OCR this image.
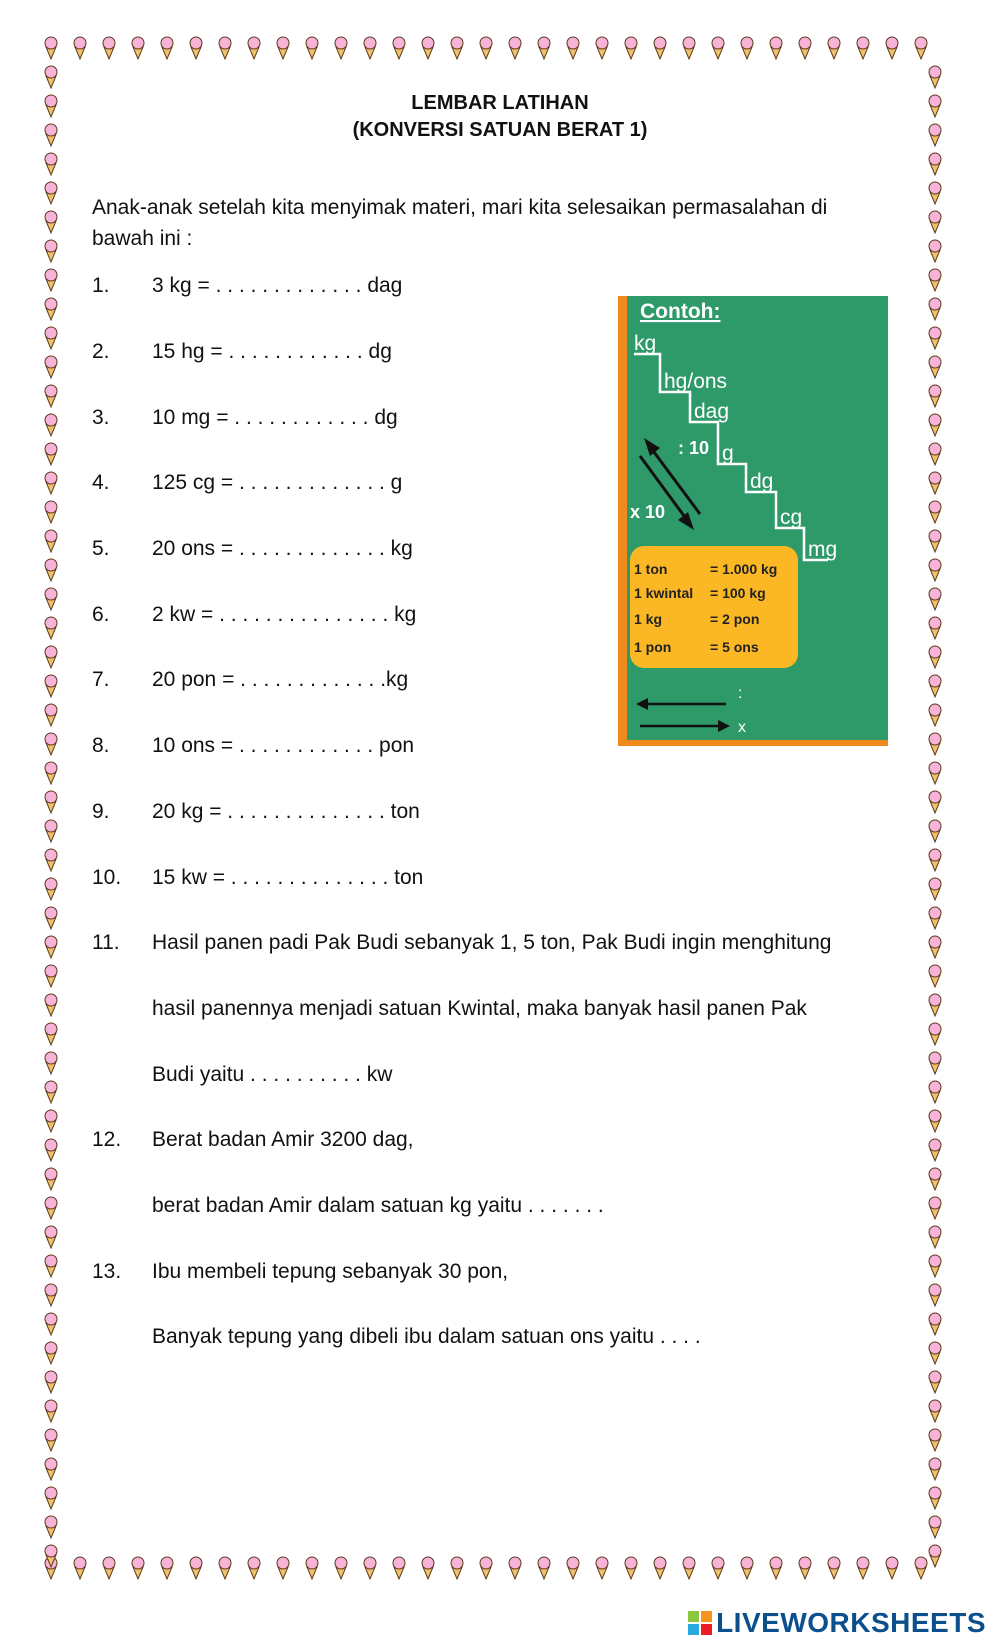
LEMBAR LATIHAN
(KONVERSI SATUAN BERAT 1)
Anak-anak setelah kita menyimak materi, mari kita selesaikan permasalahan di bawah ini :
1. 3 kg = . . . . . . . . . . . . . dag
2. 15 hg = . . . . . . . . . . . . dg
3. 10 mg = . . . . . . . . . . . . dg
4. 125 cg = . . . . . . . . . . . . . g
5. 20 ons = . . . . . . . . . . . . . kg
6. 2 kw = . . . . . . . . . . . . . . . kg
7. 20 pon = . . . . . . . . . . . . .kg
8. 10 ons = . . . . . . . . . . . . pon
9. 20 kg = . . . . . . . . . . . . . . ton
10. 15 kw = . . . . . . . . . . . . . . ton
11. Hasil panen padi Pak Budi sebanyak 1, 5 ton, Pak Budi ingin menghitung
hasil panennya menjadi satuan Kwintal, maka banyak hasil panen Pak
Budi yaitu . . . . . . . . . . kw
12. Berat badan Amir 3200 dag,
berat badan Amir dalam satuan kg yaitu . . . . . . .
13. Ibu membeli tepung sebanyak 30 pon,
Banyak tepung yang dibeli ibu dalam satuan ons yaitu . . . .
Contoh:
kg
hg/ons
dag
g
dg
cg
mg
: 10
x 10
1 ton	= 1.000 kg
1 kwintal = 100 kg
1 kg	= 2 pon
1 pon	= 5 ons
:
x
LIVEWORKSHEETS
